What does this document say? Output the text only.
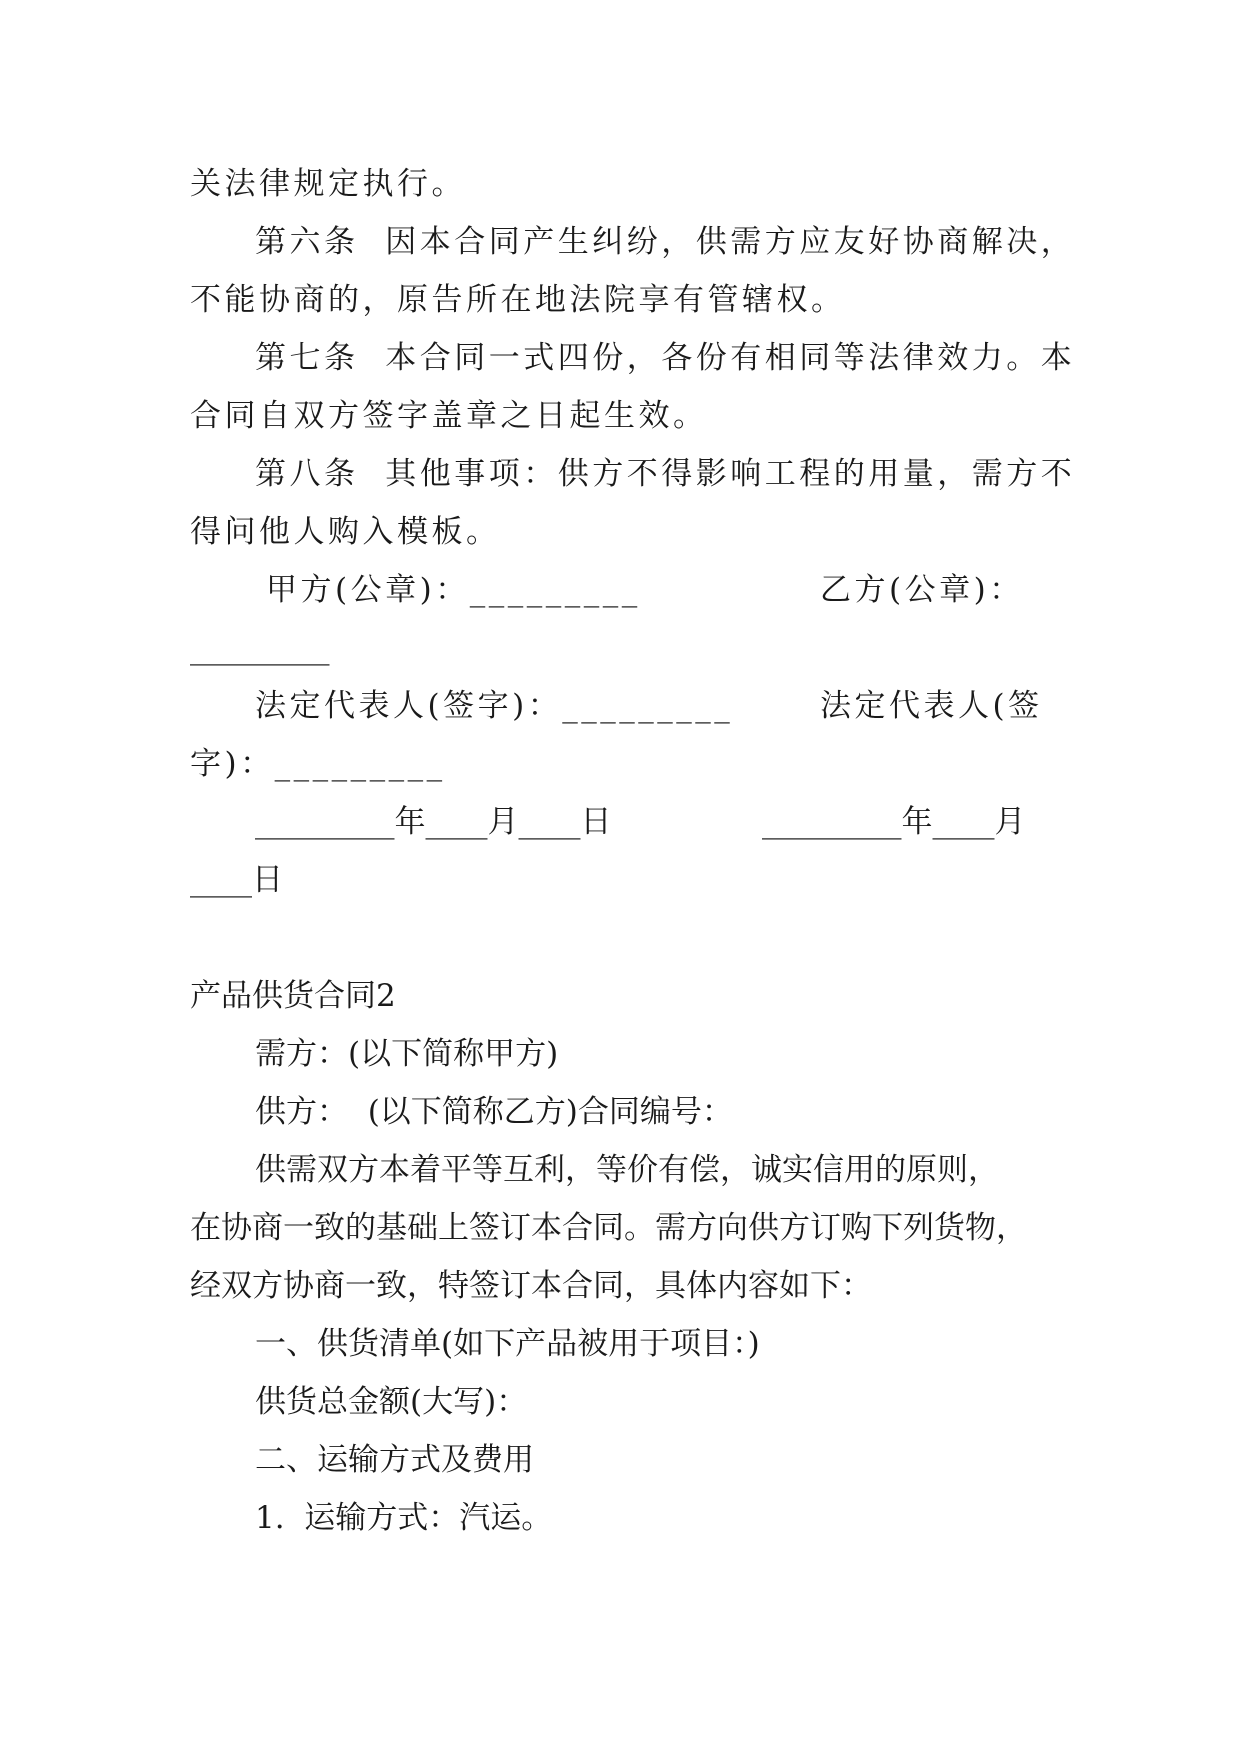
关法律规定执行。

第六条  因本合同产生纠纷，供需方应友好协商解决，

不能协商的，原告所在地法院享有管辖权。

第七条  本合同一式四份，各份有相同等法律效力。本

合同自双方签字盖章之日起生效。

第八条  其他事项：供方不得影响工程的用量，需方不

得问他人购入模板。

甲方(公章)：_________	乙方(公章)：

_________

法定代表人(签字)：_________	法定代表人(签

字)：_________

_________年____月____日	_________年____月

____日

产品供货合同2

需方：(以下简称甲方)

供方：  (以下简称乙方)合同编号：

供需双方本着平等互利，等价有偿，诚实信用的原则，

在协商一致的基础上签订本合同。需方向供方订购下列货物，

经双方协商一致，特签订本合同，具体内容如下：

一、供货清单(如下产品被用于项目：)

供货总金额(大写)：

二、运输方式及费用

1.  运输方式：汽运。
